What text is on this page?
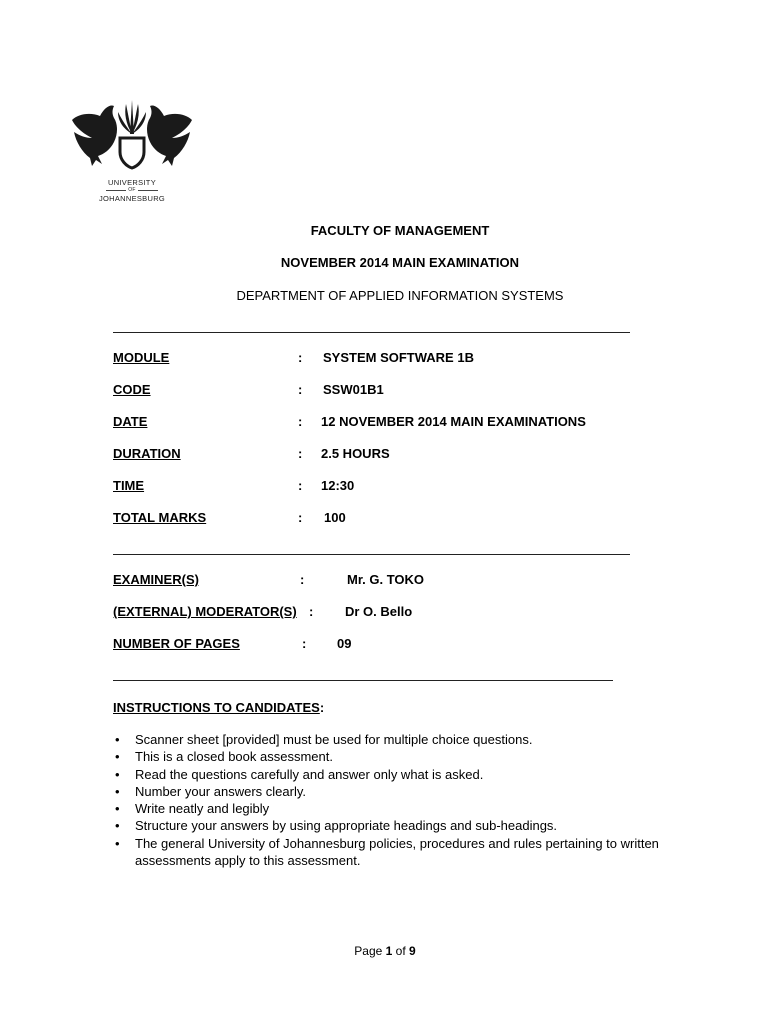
UNIVERSITY
OF
JOHANNESBURG
FACULTY OF MANAGEMENT
NOVEMBER 2014 MAIN EXAMINATION
DEPARTMENT OF APPLIED INFORMATION SYSTEMS
MODULE	: SYSTEM SOFTWARE 1B
CODE	: SSW01B1
DATE	: 12 NOVEMBER 2014 MAIN EXAMINATIONS
DURATION	: 2.5 HOURS
TIME	: 12:30
TOTAL MARKS	: 100
EXAMINER(S)	:	Mr. G. TOKO
(EXTERNAL) MODERATOR(S) : Dr O. Bello
NUMBER OF PAGES	: 09
INSTRUCTIONS TO CANDIDATES:
• Scanner sheet [provided] must be used for multiple choice questions.
• This is a closed book assessment.
• Read the questions carefully and answer only what is asked.
• Number your answers clearly.
• Write neatly and legibly
• Structure your answers by using appropriate headings and sub-headings.
• The general University of Johannesburg policies, procedures and rules pertaining to written assessments apply to this assessment.
Page 1 of 9
